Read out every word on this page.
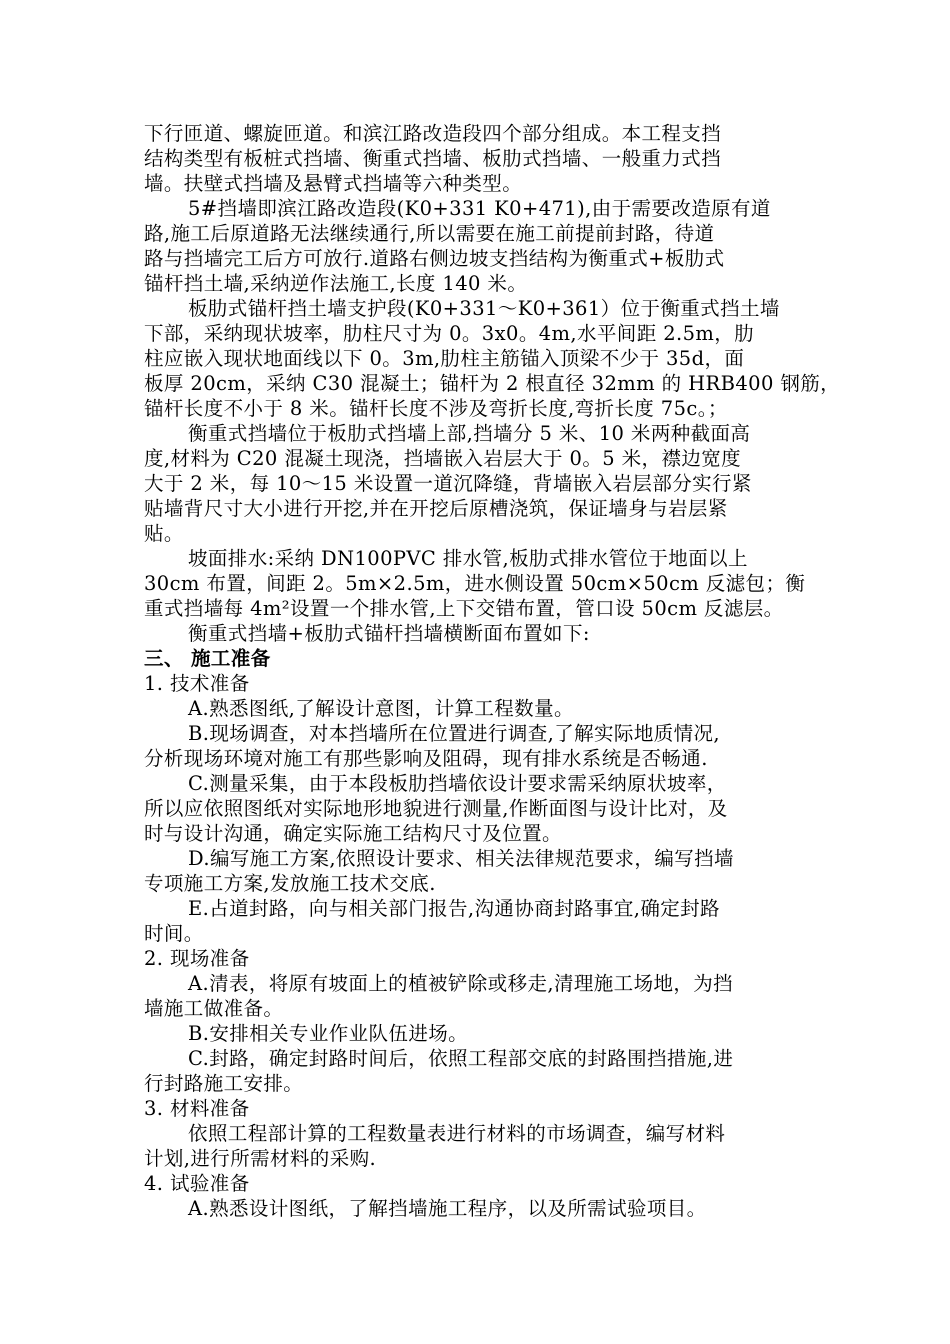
下行匝道、螺旋匝道。和滨江路改造段四个部分组成。本工程支挡
结构类型有板桩式挡墙、衡重式挡墙、板肋式挡墙、一般重力式挡
墙。扶壁式挡墙及悬臂式挡墙等六种类型。
5#挡墙即滨江路改造段(K0+331 K0+471),由于需要改造原有道
路,施工后原道路无法继续通行,所以需要在施工前提前封路，待道
路与挡墙完工后方可放行.道路右侧边坡支挡结构为衡重式+板肋式
锚杆挡土墙,采纳逆作法施工,长度 140 米。
板肋式锚杆挡土墙支护段(K0+331～K0+361）位于衡重式挡土墙
下部，采纳现状坡率，肋柱尺寸为 0。3x0。4m,水平间距 2.5m，肋
柱应嵌入现状地面线以下 0。3m,肋柱主筋锚入顶梁不少于 35d，面
板厚 20cm，采纳 C30 混凝土；锚杆为 2 根直径 32mm 的 HRB400 钢筋，
锚杆长度不小于 8 米。锚杆长度不涉及弯折长度,弯折长度 75c。；
衡重式挡墙位于板肋式挡墙上部,挡墙分 5 米、10 米两种截面高
度,材料为 C20 混凝土现浇，挡墙嵌入岩层大于 0。5 米，襟边宽度
大于 2 米，每 10～15 米设置一道沉降缝，背墙嵌入岩层部分实行紧
贴墙背尺寸大小进行开挖,并在开挖后原槽浇筑，保证墙身与岩层紧
贴。
坡面排水:采纳 DN100PVC 排水管,板肋式排水管位于地面以上
30cm 布置，间距 2。5m×2.5m，进水侧设置 50cm×50cm 反滤包；衡
重式挡墙每 4m²设置一个排水管,上下交错布置，管口设 50cm 反滤层。
衡重式挡墙+板肋式锚杆挡墙横断面布置如下:
三、 施工准备
1. 技术准备
A.熟悉图纸,了解设计意图，计算工程数量。
B.现场调查，对本挡墙所在位置进行调查,了解实际地质情况,
分析现场环境对施工有那些影响及阻碍，现有排水系统是否畅通.
C.测量采集，由于本段板肋挡墙依设计要求需采纳原状坡率，
所以应依照图纸对实际地形地貌进行测量,作断面图与设计比对，及
时与设计沟通，确定实际施工结构尺寸及位置。
D.编写施工方案,依照设计要求、相关法律规范要求，编写挡墙
专项施工方案,发放施工技术交底.
E.占道封路，向与相关部门报告,沟通协商封路事宜,确定封路
时间。
2. 现场准备
A.清表，将原有坡面上的植被铲除或移走,清理施工场地，为挡
墙施工做准备。
B.安排相关专业作业队伍进场。
C.封路，确定封路时间后，依照工程部交底的封路围挡措施,进
行封路施工安排。
3. 材料准备
依照工程部计算的工程数量表进行材料的市场调查，编写材料
计划,进行所需材料的采购.
4. 试验准备
A.熟悉设计图纸，了解挡墙施工程序，以及所需试验项目。
